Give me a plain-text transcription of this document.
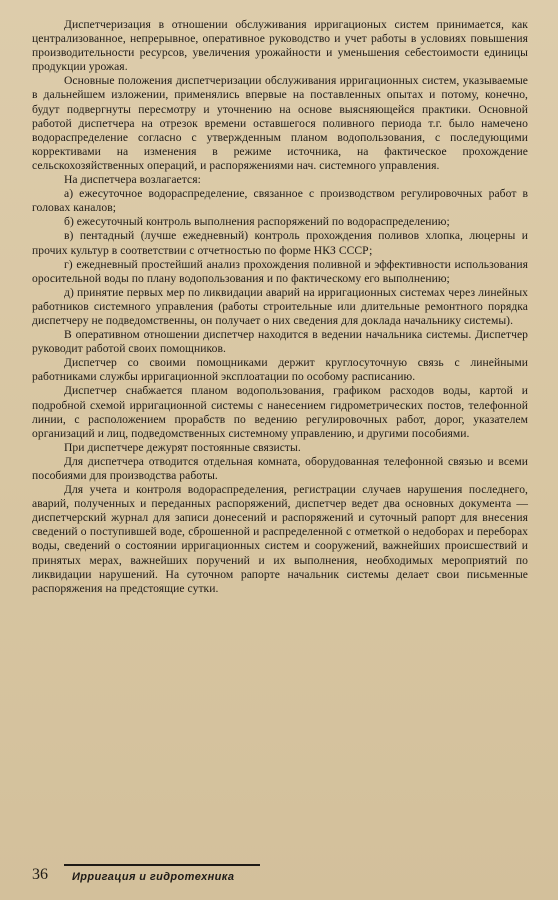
Диспетчеризация в отношении обслуживания ирригационых систем принимается, как централизованное, непрерывное, оперативное руководство и учет работы в условиях повышения производительности ресурсов, увеличения урожайности и уменьшения себестоимости единицы продукции урожая.

Основные положения диспетчеризации обслуживания ирригационных систем, указываемые в дальнейшем изложении, применялись впервые на поставленных опытах и потому, конечно, будут подвергнуты пересмотру и уточнению на основе выясняющейся практики. Основной работой диспетчера на отрезок времени оставшегося поливного периода т.г. было намечено водораспределение согласно с утвержденным планом водопользования, с последующими коррективами на изменения в режиме источника, на фактическое прохождение сельскохозяйственных операций, и распоряжениями нач. системного управления.

На диспетчера возлагается:

а) ежесуточное водораспределение, связанное с производством регулировочных работ в головах каналов;

б) ежесуточный контроль выполнения распоряжений по водораспределению;

в) пентадный (лучше ежедневный) контроль прохождения поливов хлопка, люцерны и прочих культур в соответствии с отчетностью по форме НКЗ СССР;

г) ежедневный простейший анализ прохождения поливной и эффективности использования оросительной воды по плану водопользования и по фактическому его выполнению;

д) принятие первых мер по ликвидации аварий на ирригационных системах через линейных работников системного управления (работы строительные или длительные ремонтного порядка диспетчеру не подведомственны, он получает о них сведения для доклада начальнику системы).

В оперативном отношении диспетчер находится в ведении начальника системы. Диспетчер руководит работой своих помощников.

Диспетчер со своими помощниками держит круглосуточную связь с линейными работниками службы ирригационной эксплоатации по особому расписанию.

Диспетчер снабжается планом водопользования, графиком расходов воды, картой и подробной схемой ирригационной системы с нанесением гидрометрических постов, телефонной линии, с расположением прорабств по ведению регулировочных работ, дорог, указателем организаций и лиц, подведомственных системному управлению, и другими пособиями.

При диспетчере дежурят постоянные связисты.

Для диспетчера отводится отдельная комната, оборудованная телефонной связью и всеми пособиями для производства работы.

Для учета и контроля водораспределения, регистрации случаев нарушения последнего, аварий, полученных и переданных распоряжений, диспетчер ведет два основных документа — диспетчерский журнал для записи донесений и распоряжений и суточный рапорт для внесения сведений о поступившей воде, сброшенной и распределенной с отметкой о недоборах и переборах воды, сведений о состоянии ирригационных систем и сооружений, важнейших происшествий и принятых мерах, важнейших поручений и их выполнения, необходимых мероприятий по ликвидации нарушений. На суточном рапорте начальник системы делает свои письменные распоряжения на предстоящие сутки.

36 Ирригация и гидротехника
